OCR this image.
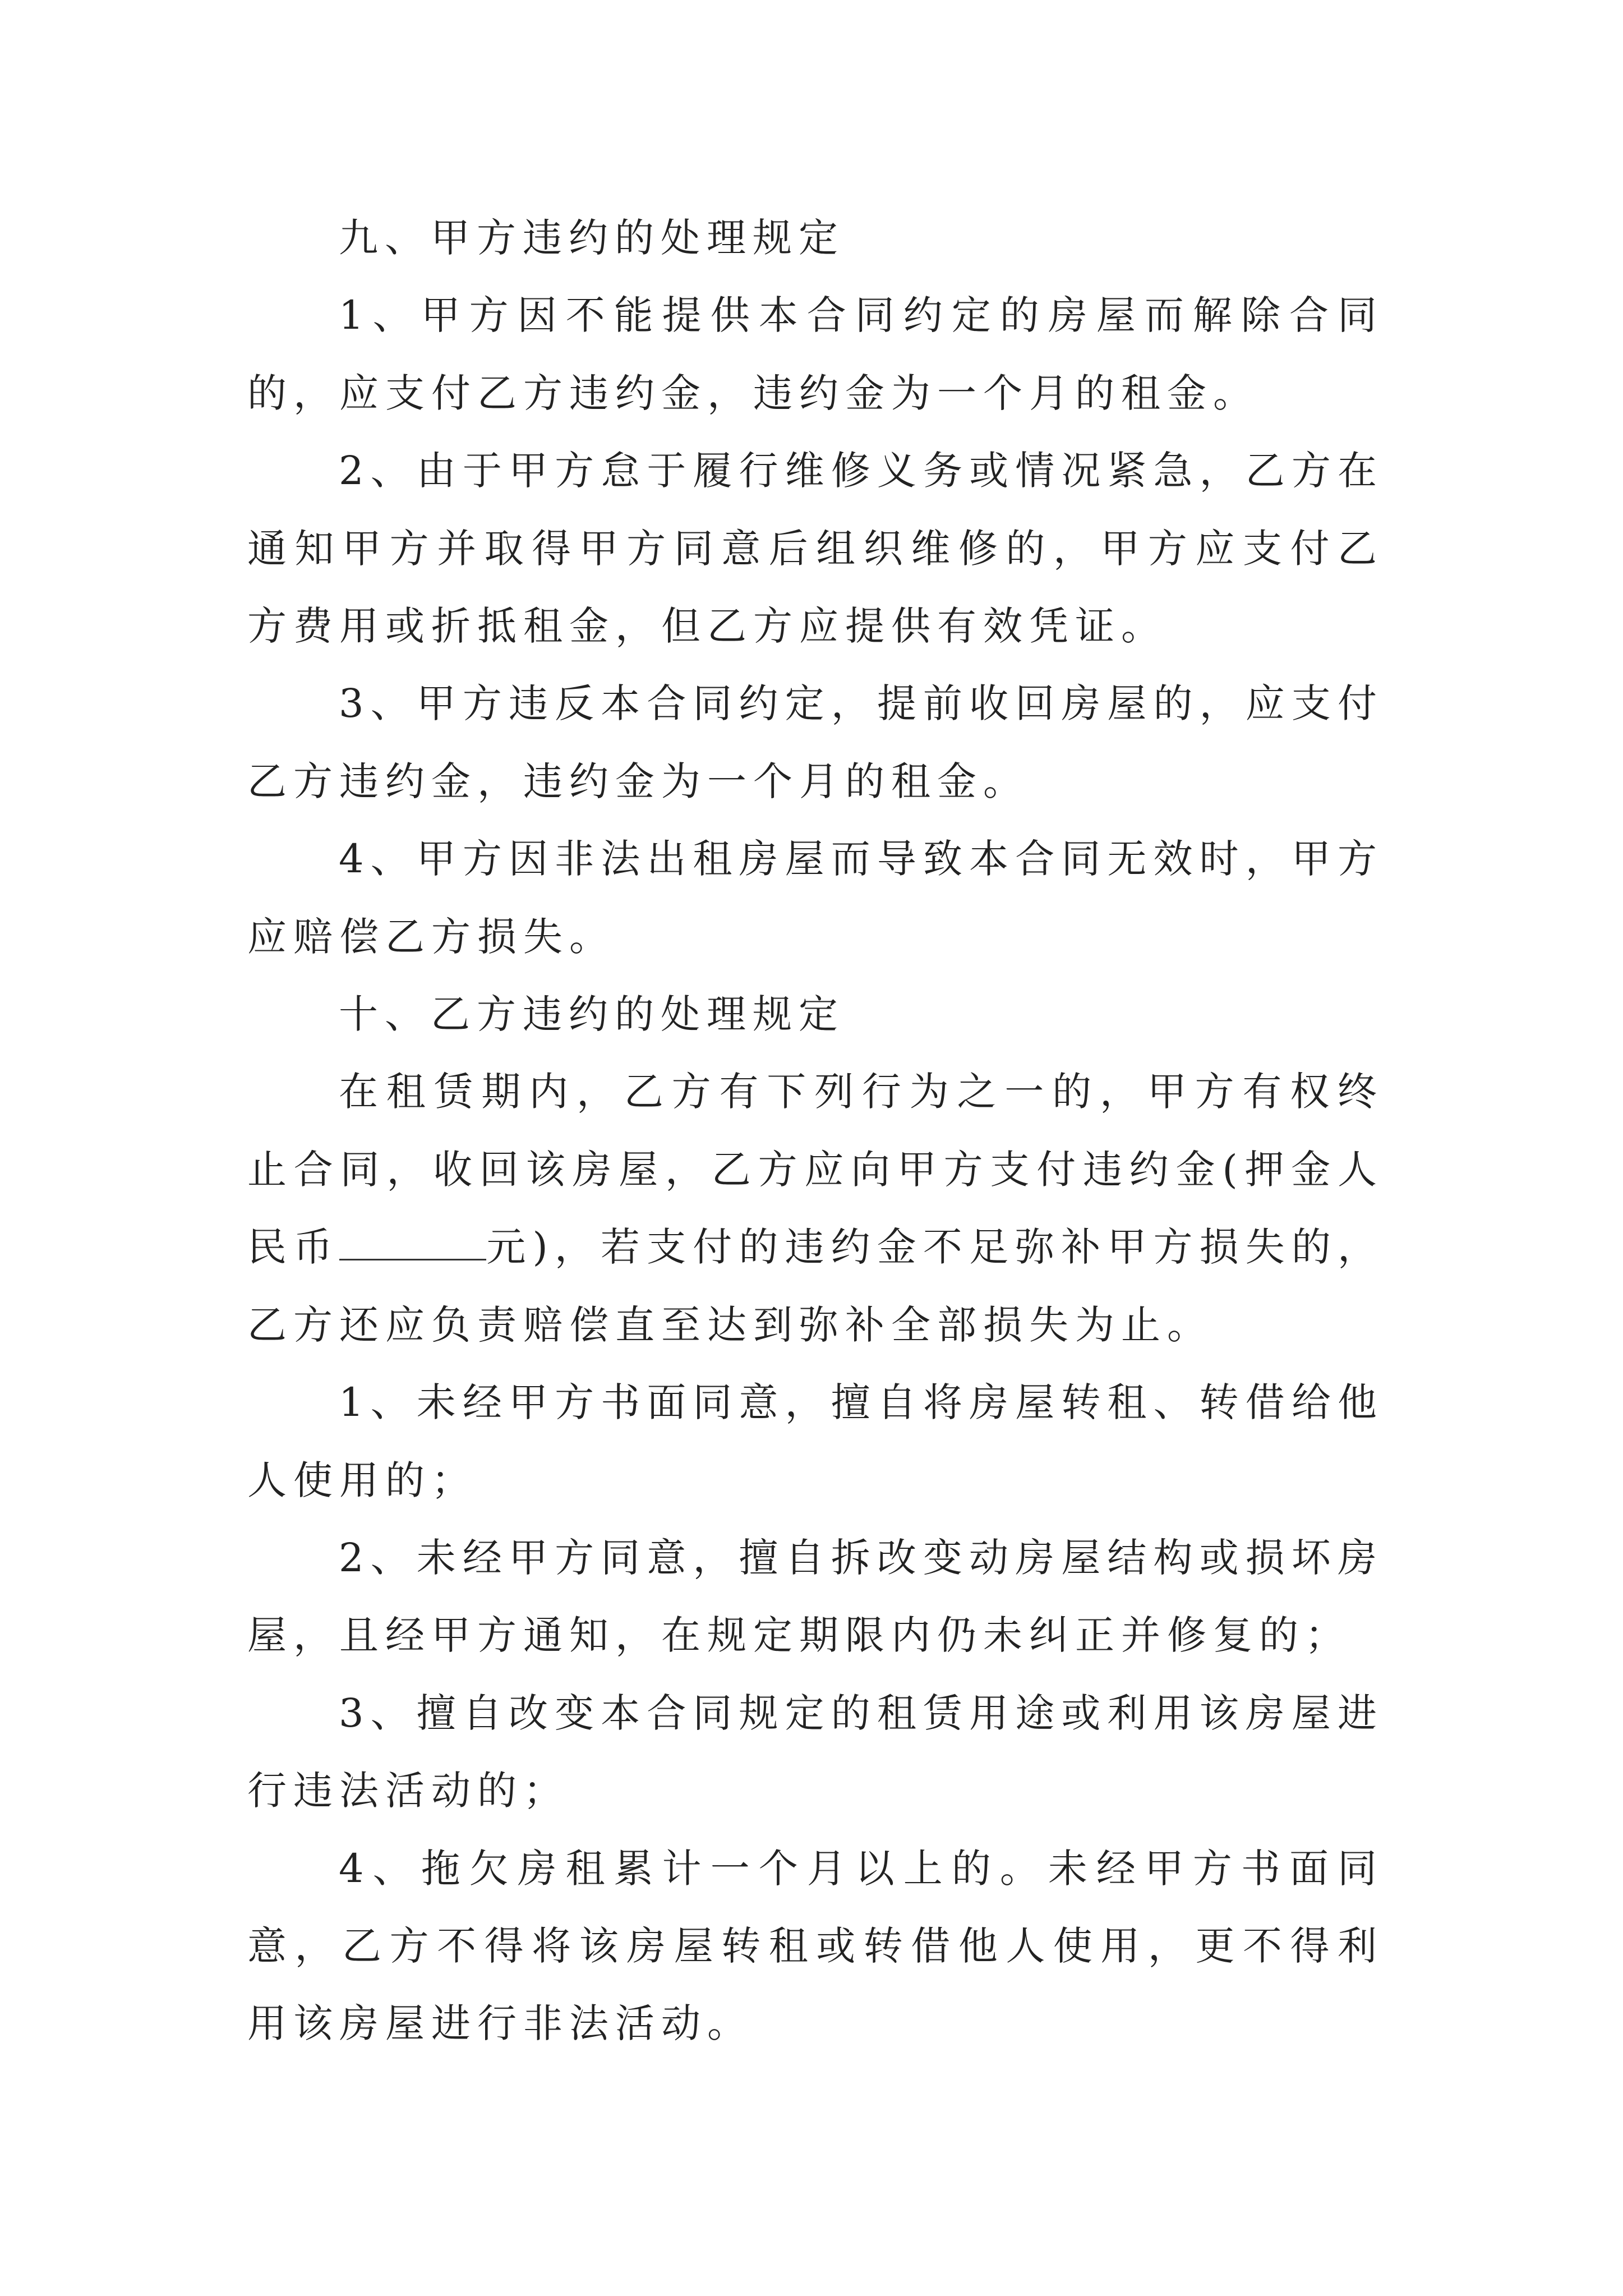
九、甲方违约的处理规定

1、甲方因不能提供本合同约定的房屋而解除合同的，应支付乙方违约金，违约金为一个月的租金。

2、由于甲方怠于履行维修义务或情况紧急，乙方在通知甲方并取得甲方同意后组织维修的，甲方应支付乙方费用或折抵租金，但乙方应提供有效凭证。

3、甲方违反本合同约定，提前收回房屋的，应支付乙方违约金，违约金为一个月的租金。

4、甲方因非法出租房屋而导致本合同无效时，甲方应赔偿乙方损失。

十、乙方违约的处理规定

在租赁期内，乙方有下列行为之一的，甲方有权终止合同，收回该房屋，乙方应向甲方支付违约金(押金人民币	元)，若支付的违约金不足弥补甲方损失的，乙方还应负责赔偿直至达到弥补全部损失为止。

1、未经甲方书面同意，擅自将房屋转租、转借给他人使用的；

2、未经甲方同意，擅自拆改变动房屋结构或损坏房屋，且经甲方通知，在规定期限内仍未纠正并修复的；

3、擅自改变本合同规定的租赁用途或利用该房屋进行违法活动的；

4、拖欠房租累计一个月以上的。未经甲方书面同意，乙方不得将该房屋转租或转借他人使用，更不得利用该房屋进行非法活动。
